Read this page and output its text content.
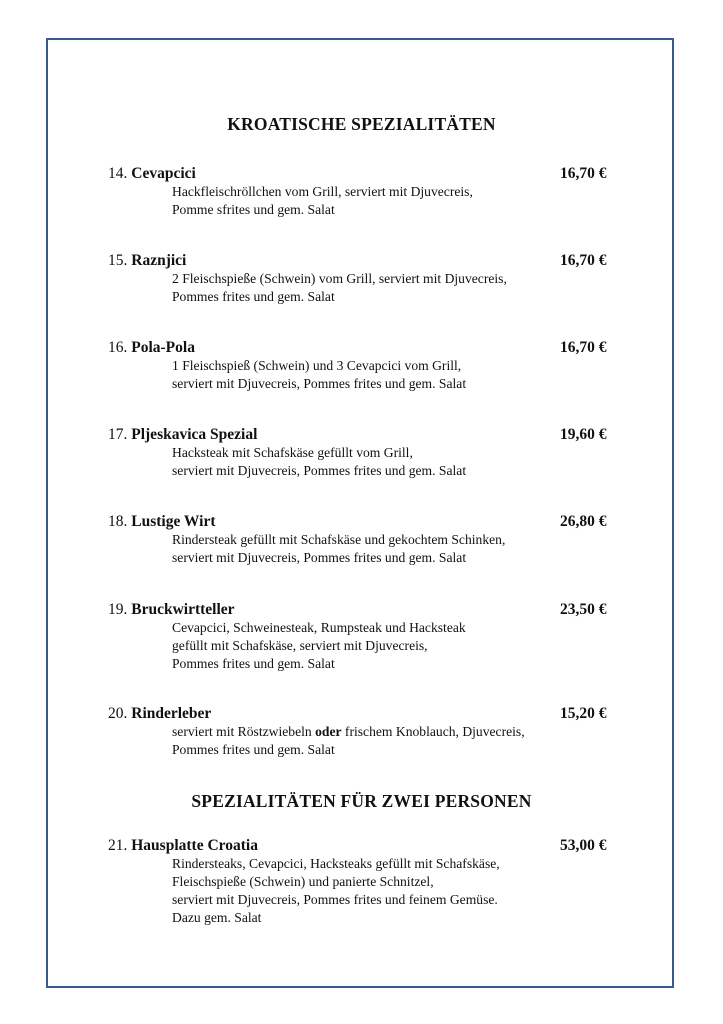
KROATISCHE SPEZIALITÄTEN
14. Cevapcici	16,70 €
Hackfleischröllchen vom Grill, serviert mit Djuvecreis,
Pomme sfrites und gem. Salat
15. Raznjici	16,70 €
2 Fleischspieße (Schwein) vom Grill, serviert mit Djuvecreis,
Pommes frites und gem. Salat
16. Pola-Pola	16,70 €
1 Fleischspieß (Schwein) und 3 Cevapcici vom Grill,
serviert mit Djuvecreis, Pommes frites und gem. Salat
17. Pljeskavica Spezial	19,60 €
Hacksteak mit Schafskäse gefüllt vom Grill,
serviert mit Djuvecreis, Pommes frites und gem. Salat
18. Lustige Wirt	26,80 €
Rindersteak gefüllt mit Schafskäse und gekochtem Schinken,
serviert mit Djuvecreis, Pommes frites und gem. Salat
19. Bruckwirtteller	23,50 €
Cevapcici, Schweinesteak, Rumpsteak und Hacksteak
gefüllt mit Schafskäse, serviert mit Djuvecreis,
Pommes frites und gem. Salat
20. Rinderleber	15,20 €
serviert mit Röstzwiebeln oder frischem Knoblauch, Djuvecreis,
Pommes frites und gem. Salat
SPEZIALITÄTEN FÜR ZWEI PERSONEN
21. Hausplatte Croatia	53,00 €
Rindersteaks, Cevapcici, Hacksteaks gefüllt mit Schafskäse,
Fleischspieße (Schwein) und panierte Schnitzel,
serviert mit Djuvecreis, Pommes frites und feinem Gemüse.
Dazu gem. Salat
